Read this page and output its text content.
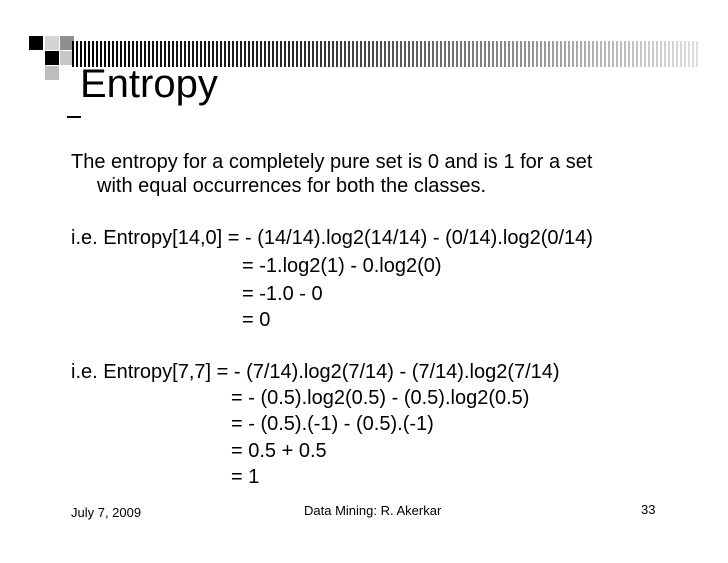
Entropy
The entropy for a completely pure set is 0 and is 1 for a set
with equal occurrences for both the classes.
i.e. Entropy[14,0] = - (14/14).log2(14/14) - (0/14).log2(0/14)
= -1.log2(1) - 0.log2(0)
= -1.0 - 0
= 0
i.e. Entropy[7,7] = - (7/14).log2(7/14) - (7/14).log2(7/14)
= - (0.5).log2(0.5) - (0.5).log2(0.5)
= - (0.5).(-1) - (0.5).(-1)
= 0.5 + 0.5
= 1
July 7, 2009	Data Mining: R. Akerkar	33
